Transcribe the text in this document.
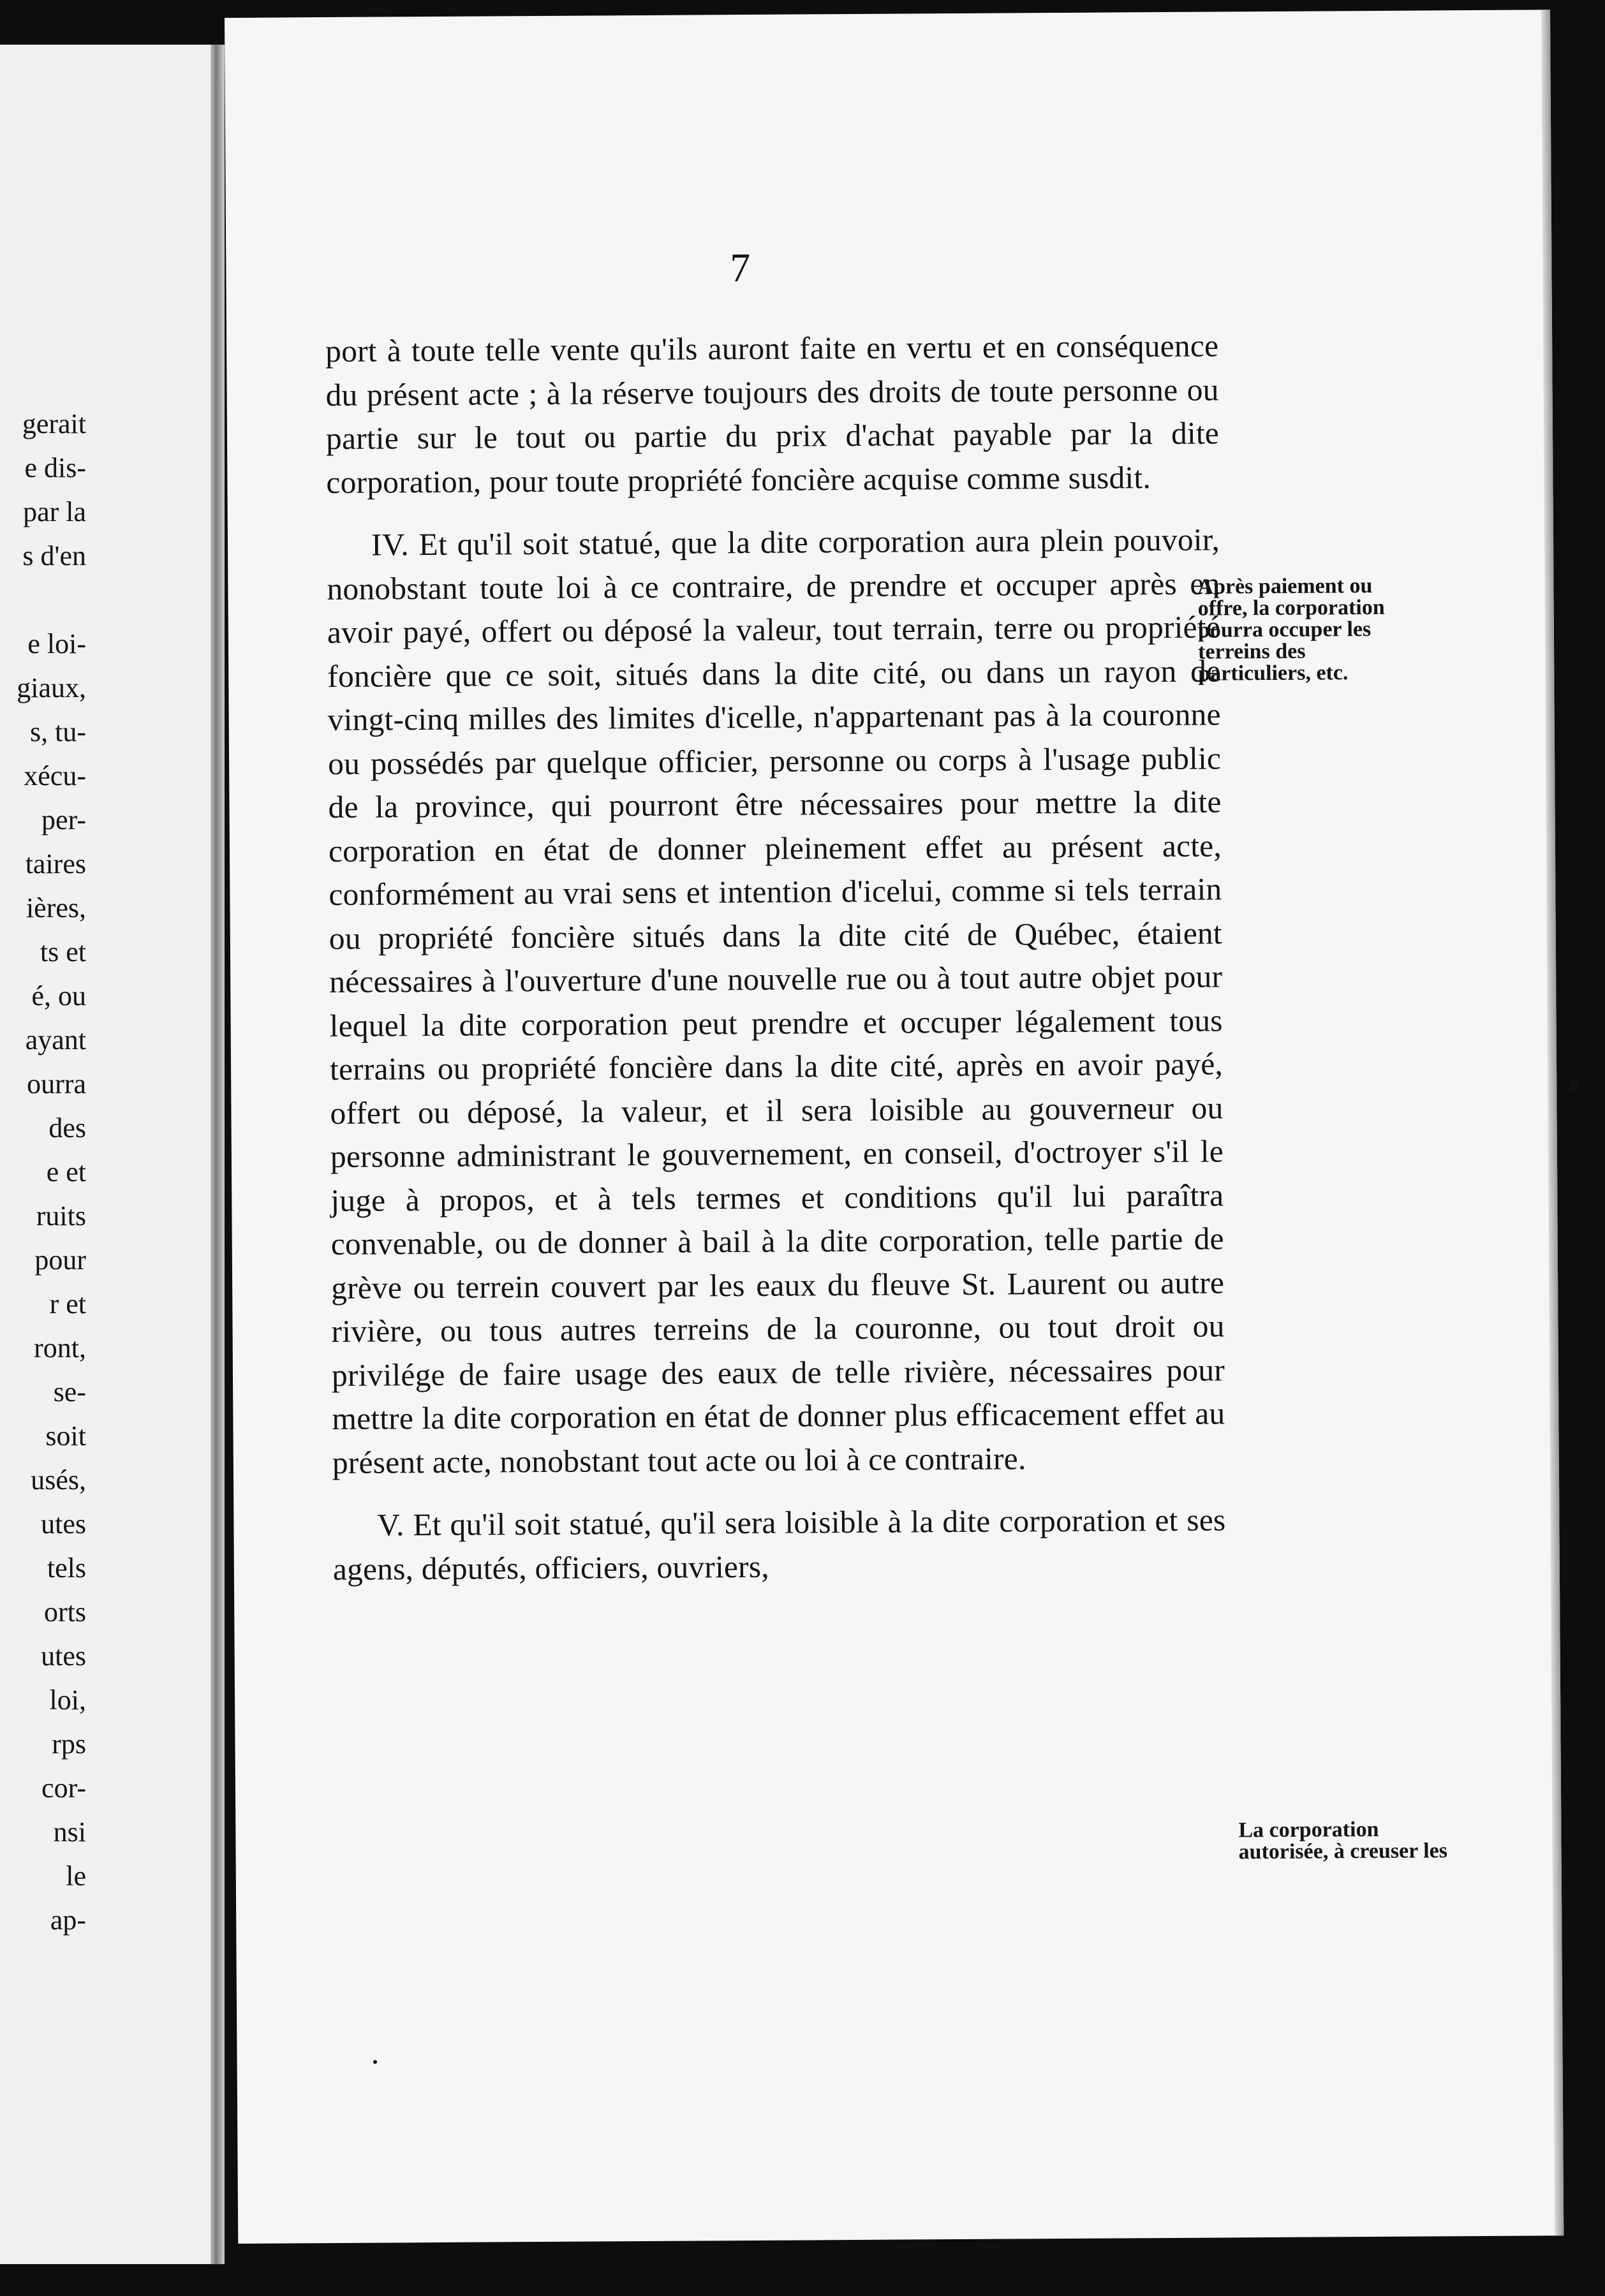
gerait
e dis-
par la
s d'en

e loi-
giaux,
s, tu-
xécu-
per-
taires
ières,
ts et
é, ou
ayant
ourra
des
e et
ruits
pour
r et
ront,
se-
soit
usés,
utes
tels
orts
utes
loi,
rps
cor-
nsi
le
ap-
7

port à toute telle vente qu'ils auront faite en vertu et en conséquence du présent acte ; à la réserve toujours des droits de toute personne ou partie sur le tout ou partie du prix d'achat payable par la dite corporation, pour toute propriété foncière acquise comme susdit.

IV. Et qu'il soit statué, que la dite corporation aura plein pouvoir, nonobstant toute loi à ce contraire, de prendre et occuper après en avoir payé, offert ou déposé la valeur, tout terrain, terre ou propriété foncière que ce soit, situés dans la dite cité, ou dans un rayon de vingt-cinq milles des limites d'icelle, n'appartenant pas à la couronne ou possédés par quelque officier, personne ou corps à l'usage public de la province, qui pourront être nécessaires pour mettre la dite corporation en état de donner pleinement effet au présent acte, conformément au vrai sens et intention d'icelui, comme si tels terrain ou propriété foncière situés dans la dite cité de Québec, étaient nécessaires à l'ouverture d'une nouvelle rue ou à tout autre objet pour lequel la dite corporation peut prendre et occuper légalement tous terrains ou propriété foncière dans la dite cité, après en avoir payé, offert ou déposé, la valeur, et il sera loisible au gouverneur ou personne administrant le gouvernement, en conseil, d'octroyer s'il le juge à propos, et à tels termes et conditions qu'il lui paraîtra convenable, ou de donner à bail à la dite corporation, telle partie de grève ou terrein couvert par les eaux du fleuve St. Laurent ou autre rivière, ou tous autres terreins de la couronne, ou tout droit ou privilége de faire usage des eaux de telle rivière, nécessaires pour mettre la dite corporation en état de donner plus efficacement effet au présent acte, nonobstant tout acte ou loi à ce contraire.

V. Et qu'il soit statué, qu'il sera loisible à la dite corporation et ses agens, députés, officiers, ouvriers,

Après paiement ou offre, la corporation pourra occuper les terreins des particuliers, etc.
La corporation autorisée, à creuser les
